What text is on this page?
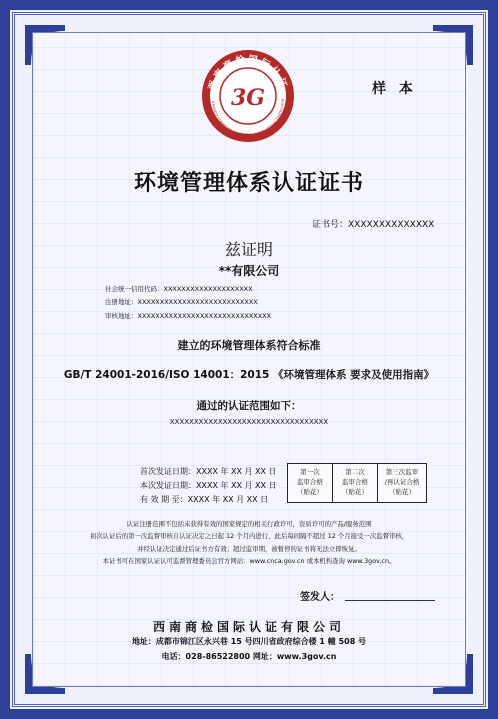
西南商检国际认证
UTHWEST COMMODITY INSPECTION INTERNATIONAL CERTIFICATIO
3G	样 本
环境管理体系认证证书
证书号：XXXXXXXXXXXXXX
兹证明
**有限公司
社会统一信用代码：XXXXXXXXXXXXXXXXXXXX
注册地址：XXXXXXXXXXXXXXXXXXXXXXXXXXX
审核地址：XXXXXXXXXXXXXXXXXXXXXXXXXXXXXX
建立的环境管理体系符合标准
GB/T 24001-2016/ISO 14001：2015 《环境管理体系 要求及使用指南》
通过的认证范围如下：
XXXXXXXXXXXXXXXXXXXXXXXXXXXXXXXXX
首次发证日期：XXXX 年 XX 月 XX 日
本次发证日期：XXXX 年 XX 月 XX 日
有 效 期 至：XXXX 年 XX 月 XX 日
第一次
监审合格
（贴花）
第二次
监审合格
（贴花）
第三次监审
/再认证合格
（贴花）
认证注册范围不包括未获得有效的国家规定的相关行政许可，资质许可的产品/服务范围
初次认证后的第一次监督审核自认证决定之日起 12 个月内进行，此后每间隔不超过 12 个月接受一次监督审核，
并经认证决定通过后证书方有效；超过监审期，被暂停的证书将无法立即恢复。
本证书可在国家认证认可监督管理委员会官方网站：www.cnca.gov.cn 或本机构查询 www.3gov.cn。
签发人：
西南商检国际认证有限公司
地址：成都市锦江区永兴巷 15 号四川省政府综合楼 1 幢 508 号
电话：028-86522800 网址：www.3gov.cn
